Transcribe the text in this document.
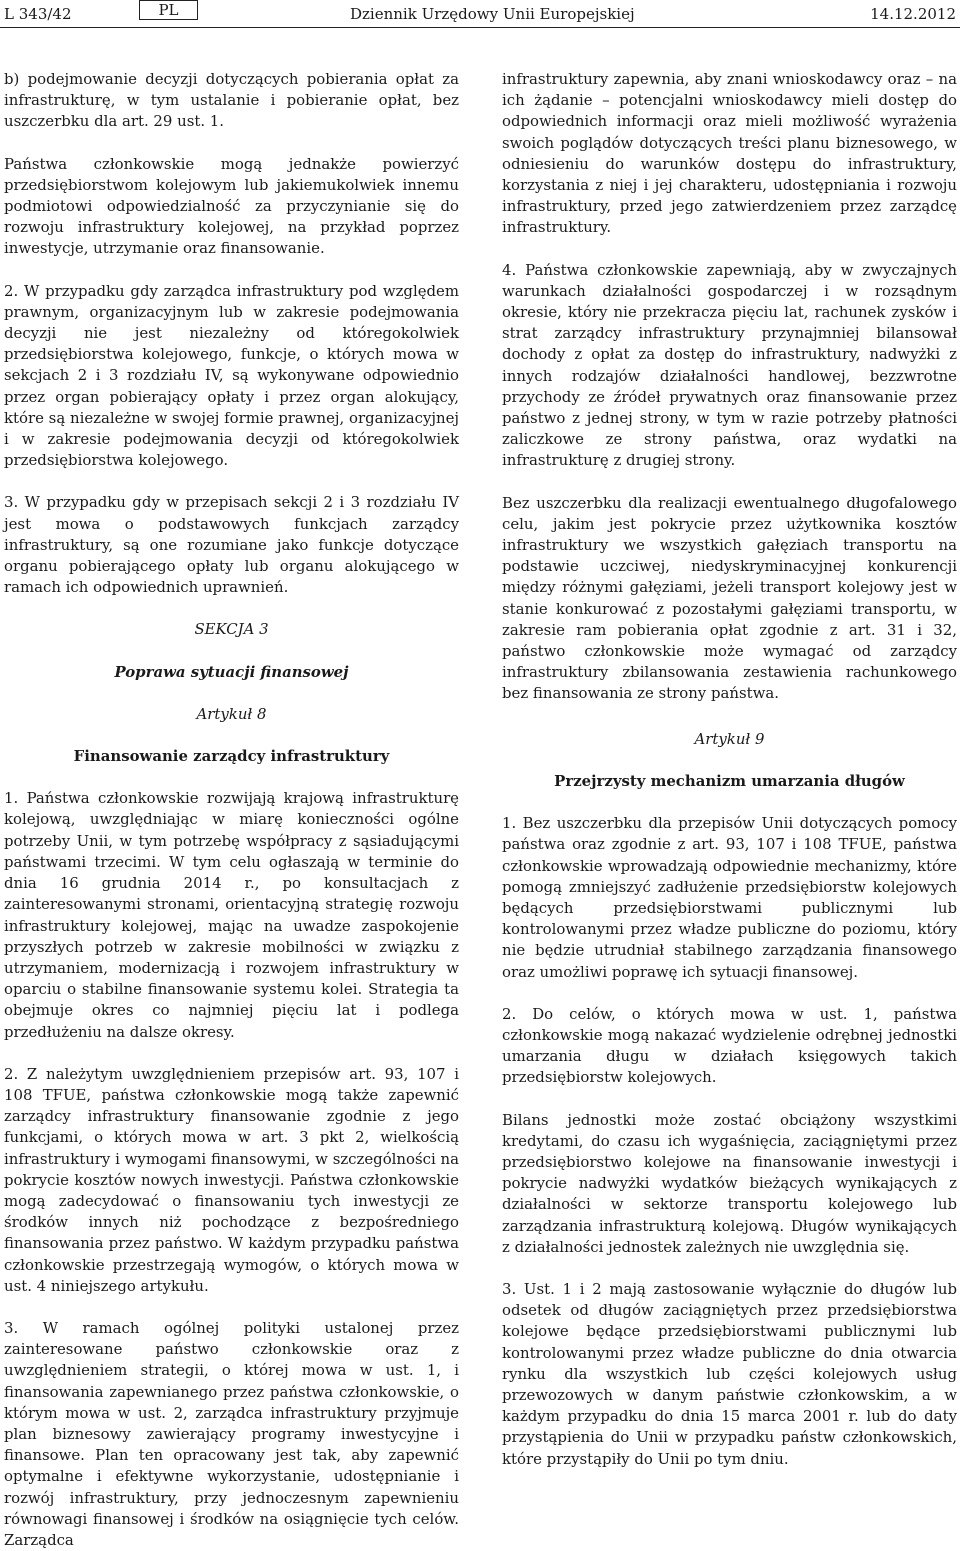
L 343/42	PL	Dziennik Urzędowy Unii Europejskiej	14.12.2012

b) podejmowanie decyzji dotyczących pobierania opłat za infrastrukturę, w tym ustalanie i pobieranie opłat, bez uszczerbku dla art. 29 ust. 1.

Państwa członkowskie mogą jednakże powierzyć przedsiębiorstwom kolejowym lub jakiemukolwiek innemu podmiotowi odpowiedzialność za przyczynianie się do rozwoju infrastruktury kolejowej, na przykład poprzez inwestycje, utrzymanie oraz finansowanie.

2. W przypadku gdy zarządca infrastruktury pod względem prawnym, organizacyjnym lub w zakresie podejmowania decyzji nie jest niezależny od któregokolwiek przedsiębiorstwa kolejowego, funkcje, o których mowa w sekcjach 2 i 3 rozdziału IV, są wykonywane odpowiednio przez organ pobierający opłaty i przez organ alokujący, które są niezależne w swojej formie prawnej, organizacyjnej i w zakresie podejmowania decyzji od któregokolwiek przedsiębiorstwa kolejowego.

3. W przypadku gdy w przepisach sekcji 2 i 3 rozdziału IV jest mowa o podstawowych funkcjach zarządcy infrastruktury, są one rozumiane jako funkcje dotyczące organu pobierającego opłaty lub organu alokującego w ramach ich odpowiednich uprawnień.

SEKCJA 3

Poprawa sytuacji finansowej

Artykuł 8

Finansowanie zarządcy infrastruktury

1. Państwa członkowskie rozwijają krajową infrastrukturę kolejową, uwzględniając w miarę konieczności ogólne potrzeby Unii, w tym potrzebę współpracy z sąsiadującymi państwami trzecimi. W tym celu ogłaszają w terminie do dnia 16 grudnia 2014 r., po konsultacjach z zainteresowanymi stronami, orientacyjną strategię rozwoju infrastruktury kolejowej, mając na uwadze zaspokojenie przyszłych potrzeb w zakresie mobilności w związku z utrzymaniem, modernizacją i rozwojem infrastruktury w oparciu o stabilne finansowanie systemu kolei. Strategia ta obejmuje okres co najmniej pięciu lat i podlega przedłużeniu na dalsze okresy.

2. Z należytym uwzględnieniem przepisów art. 93, 107 i 108 TFUE, państwa członkowskie mogą także zapewnić zarządcy infrastruktury finansowanie zgodnie z jego funkcjami, o których mowa w art. 3 pkt 2, wielkością infrastruktury i wymogami finansowymi, w szczególności na pokrycie kosztów nowych inwestycji. Państwa członkowskie mogą zadecydować o finansowaniu tych inwestycji ze środków innych niż pochodzące z bezpośredniego finansowania przez państwo. W każdym przypadku państwa członkowskie przestrzegają wymogów, o których mowa w ust. 4 niniejszego artykułu.

3. W ramach ogólnej polityki ustalonej przez zainteresowane państwo członkowskie oraz z uwzględnieniem strategii, o której mowa w ust. 1, i finansowania zapewnianego przez państwa członkowskie, o którym mowa w ust. 2, zarządca infrastruktury przyjmuje plan biznesowy zawierający programy inwestycyjne i finansowe. Plan ten opracowany jest tak, aby zapewnić optymalne i efektywne wykorzystanie, udostępnianie i rozwój infrastruktury, przy jednoczesnym zapewnieniu równowagi finansowej i środków na osiągnięcie tych celów. Zarządca

infrastruktury zapewnia, aby znani wnioskodawcy oraz – na ich żądanie – potencjalni wnioskodawcy mieli dostęp do odpowiednich informacji oraz mieli możliwość wyrażenia swoich poglądów dotyczących treści planu biznesowego, w odniesieniu do warunków dostępu do infrastruktury, korzystania z niej i jej charakteru, udostępniania i rozwoju infrastruktury, przed jego zatwierdzeniem przez zarządcę infrastruktury.

4. Państwa członkowskie zapewniają, aby w zwyczajnych warunkach działalności gospodarczej i w rozsądnym okresie, który nie przekracza pięciu lat, rachunek zysków i strat zarządcy infrastruktury przynajmniej bilansował dochody z opłat za dostęp do infrastruktury, nadwyżki z innych rodzajów działalności handlowej, bezzwrotne przychody ze źródeł prywatnych oraz finansowanie przez państwo z jednej strony, w tym w razie potrzeby płatności zaliczkowe ze strony państwa, oraz wydatki na infrastrukturę z drugiej strony.

Bez uszczerbku dla realizacji ewentualnego długofalowego celu, jakim jest pokrycie przez użytkownika kosztów infrastruktury we wszystkich gałęziach transportu na podstawie uczciwej, niedyskryminacyjnej konkurencji między różnymi gałęziami, jeżeli transport kolejowy jest w stanie konkurować z pozostałymi gałęziami transportu, w zakresie ram pobierania opłat zgodnie z art. 31 i 32, państwo członkowskie może wymagać od zarządcy infrastruktury zbilansowania zestawienia rachunkowego bez finansowania ze strony państwa.

Artykuł 9

Przejrzysty mechanizm umarzania długów

1. Bez uszczerbku dla przepisów Unii dotyczących pomocy państwa oraz zgodnie z art. 93, 107 i 108 TFUE, państwa członkowskie wprowadzają odpowiednie mechanizmy, które pomogą zmniejszyć zadłużenie przedsiębiorstw kolejowych będących przedsiębiorstwami publicznymi lub kontrolowanymi przez władze publiczne do poziomu, który nie będzie utrudniał stabilnego zarządzania finansowego oraz umożliwi poprawę ich sytuacji finansowej.

2. Do celów, o których mowa w ust. 1, państwa członkowskie mogą nakazać wydzielenie odrębnej jednostki umarzania długu w działach księgowych takich przedsiębiorstw kolejowych.

Bilans jednostki może zostać obciążony wszystkimi kredytami, do czasu ich wygaśnięcia, zaciągniętymi przez przedsiębiorstwo kolejowe na finansowanie inwestycji i pokrycie nadwyżki wydatków bieżących wynikających z działalności w sektorze transportu kolejowego lub zarządzania infrastrukturą kolejową. Długów wynikających z działalności jednostek zależnych nie uwzględnia się.

3. Ust. 1 i 2 mają zastosowanie wyłącznie do długów lub odsetek od długów zaciągniętych przez przedsiębiorstwa kolejowe będące przedsiębiorstwami publicznymi lub kontrolowanymi przez władze publiczne do dnia otwarcia rynku dla wszystkich lub części kolejowych usług przewozowych w danym państwie członkowskim, a w każdym przypadku do dnia 15 marca 2001 r. lub do daty przystąpienia do Unii w przypadku państw członkowskich, które przystąpiły do Unii po tym dniu.
